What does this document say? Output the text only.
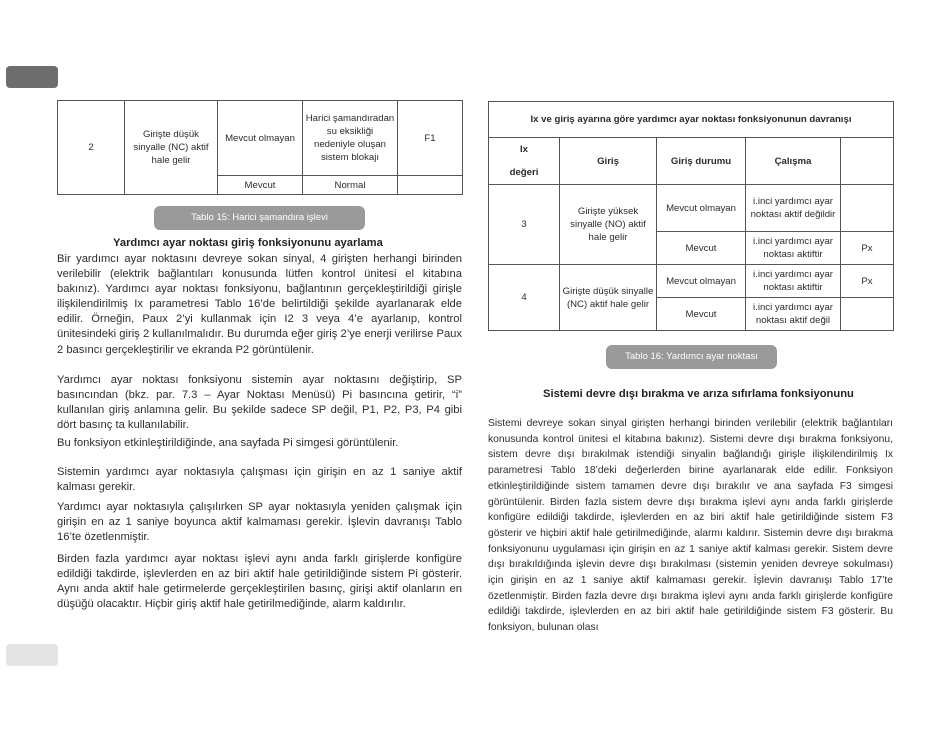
2	Girişte düşük sinyalle (NC) aktif hale gelir	Mevcut olmayan	Harici şamandıradan su eksikliği nedeniyle oluşan sistem blokajı	F1
		Mevcut	Normal	
Tablo 15: Harici şamandıra işlevi
Yardımcı ayar noktası giriş fonksiyonunu ayarlama

Bir yardımcı ayar noktasını devreye sokan sinyal, 4 girişten herhangi birinden verilebilir (elektrik bağlantıları konusunda lütfen kontrol ünitesi el kitabına bakınız). Yardımcı ayar noktası fonksiyonu, bağlantının gerçekleştirildiği girişle ilişkilendirilmiş Ix parametresi Tablo 16’de belirtildiği şekilde ayarlanarak elde edilir. Örneğin, Paux 2’yi kullanmak için I2 3 veya 4’e ayarlanıp, kontrol ünitesindeki giriş 2 kullanılmalıdır. Bu durumda eğer giriş 2’ye enerji verilirse Paux 2 basıncı gerçekleştirilir ve ekranda P2 görüntülenir.

Yardımcı ayar noktası fonksiyonu sistemin ayar noktasını değiştirip, SP basıncından (bkz. par. 7.3 – Ayar Noktası Menüsü) Pi basıncına getirir, “i” kullanılan giriş anlamına gelir. Bu şekilde sadece SP değil, P1, P2, P3, P4 gibi dört basınç ta kullanılabilir.

Bu fonksiyon etkinleştirildiğinde, ana sayfada Pi simgesi görüntülenir.

Sistemin yardımcı ayar noktasıyla çalışması için girişin en az 1 saniye aktif kalması gerekir.

Yardımcı ayar noktasıyla çalışılırken SP ayar noktasıyla yeniden çalışmak için girişin en az 1 saniye boyunca aktif kalmaması gerekir. İşlevin davranışı Tablo 16’te özetlenmiştir.

Birden fazla yardımcı ayar noktası işlevi aynı anda farklı girişlerde konfigüre edildiği takdirde, işlevlerden en az biri aktif hale getirildiğinde sistem Pi gösterir. Aynı anda aktif hale getirmelerde gerçekleştirilen basınç, girişi aktif olanların en düşüğü olacaktır. Hiçbir giriş aktif hale getirilmediğinde, alarm kaldırılır.

Ix ve giriş ayarına göre yardımcı ayar noktası fonksiyonunun davranışı				

Ix
değeri	Giriş	Giriş durumu	Çalışma	
3	Girişte yüksek sinyalle (NO) aktif hale gelir	Mevcut olmayan	i.inci yardımcı ayar noktası aktif değildir	
		Mevcut	i.inci yardımcı ayar noktası aktiftir	Px
4	Girişte düşük sinyalle (NC) aktif hale gelir	Mevcut olmayan	i.inci yardımcı ayar noktası aktiftir	Px
		Mevcut	i.inci yardımcı ayar noktası aktif değil	
Tablo 16: Yardımcı ayar noktası
Sistemi devre dışı bırakma ve arıza sıfırlama fonksiyonunu

Sistemi devreye sokan sinyal girişten herhangi birinden verilebilir (elektrik bağlantıları konusunda kontrol ünitesi el kitabına bakınız). Sistemi devre dışı bırakma fonksiyonu, sistem devre dışı bırakılmak istendiği sinyalin bağlandığı girişle ilişkilendirilmiş Ix parametresi Tablo 18’deki değerlerden birine ayarlanarak elde edilir. Fonksiyon etkinleştirildiğinde sistem tamamen devre dışı bırakılır ve ana sayfada F3 simgesi görüntülenir. Birden fazla sistem devre dışı bırakma işlevi aynı anda farklı girişlerde konfigüre edildiği takdirde, işlevlerden en az biri aktif hale getirildiğinde sistem F3 gösterir ve hiçbiri aktif hale getirilmediğinde, alarmı kaldırır. Sistemin devre dışı bırakma fonksiyonunu uygulaması için girişin en az 1 saniye aktif kalması gerekir. Sistem devre dışı bırakıldığında işlevin devre dışı bırakılması (sistemin yeniden devreye sokulması) için girişin en az 1 saniye aktif kalmaması gerekir. İşlevin davranışı Tablo 17’te özetlenmiştir. Birden fazla devre dışı bırakma işlevi aynı anda farklı girişlerde konfigüre edildiği takdirde, işlevlerden en az biri aktif hale getirildiğinde sistem F3 gösterir. Bu fonksiyon, bulunan olası
